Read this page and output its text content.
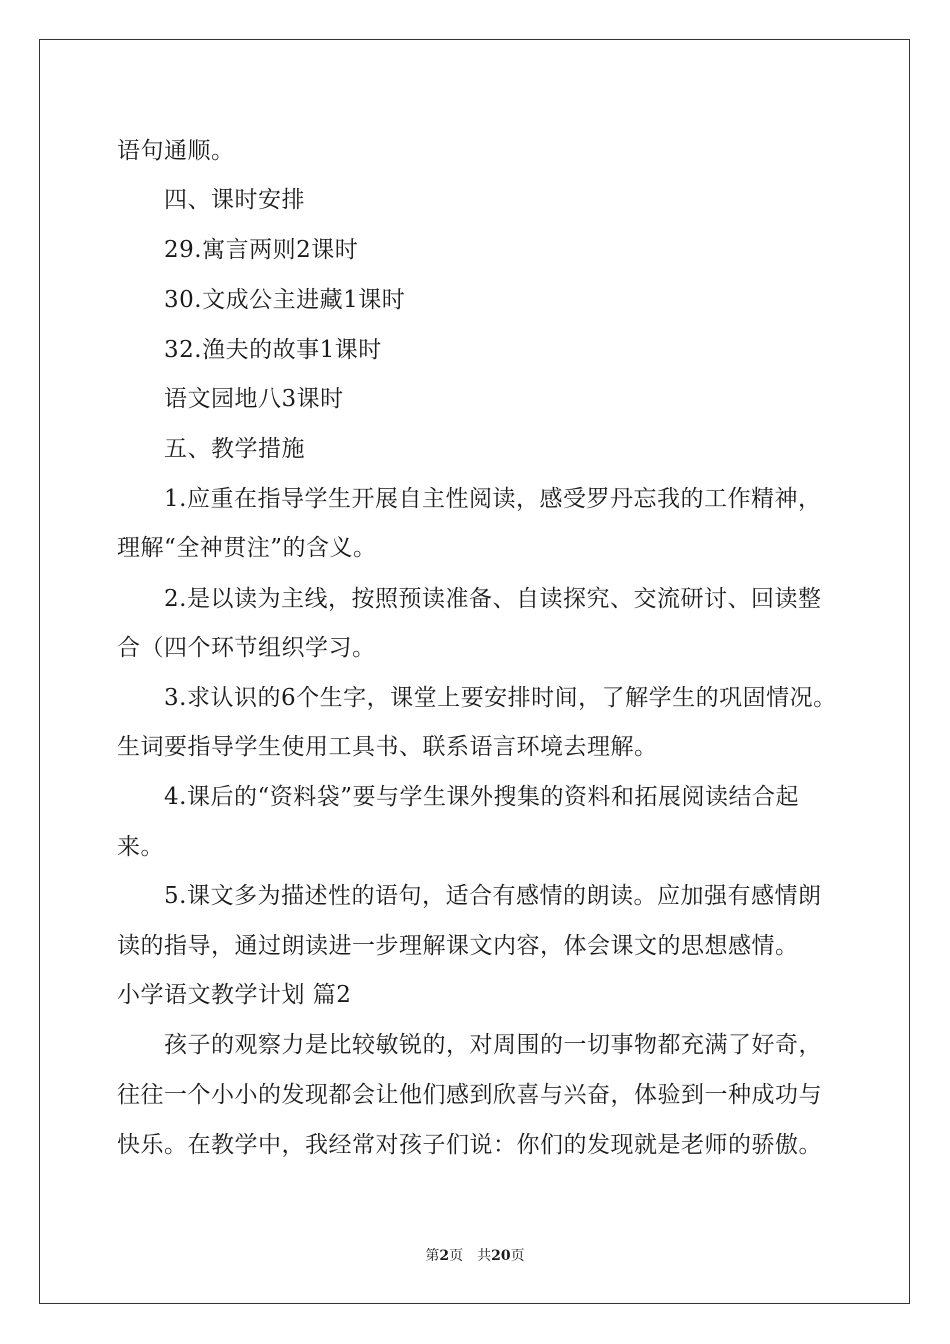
语句通顺。
四、课时安排
29.寓言两则2课时
30.文成公主进藏1课时
32.渔夫的故事1课时
语文园地八3课时
五、教学措施
1.应重在指导学生开展自主性阅读，感受罗丹忘我的工作精神，
理解“全神贯注”的含义。
2.是以读为主线，按照预读准备、自读探究、交流研讨、回读整
合（四个环节组织学习。
3.求认识的6个生字，课堂上要安排时间，了解学生的巩固情况。
生词要指导学生使用工具书、联系语言环境去理解。
4.课后的“资料袋”要与学生课外搜集的资料和拓展阅读结合起
来。
5.课文多为描述性的语句，适合有感情的朗读。应加强有感情朗
读的指导，通过朗读进一步理解课文内容，体会课文的思想感情。
小学语文教学计划 篇2
孩子的观察力是比较敏锐的，对周围的一切事物都充满了好奇，
往往一个小小的发现都会让他们感到欣喜与兴奋，体验到一种成功与
快乐。在教学中，我经常对孩子们说：你们的发现就是老师的骄傲。
第2页 共20页
